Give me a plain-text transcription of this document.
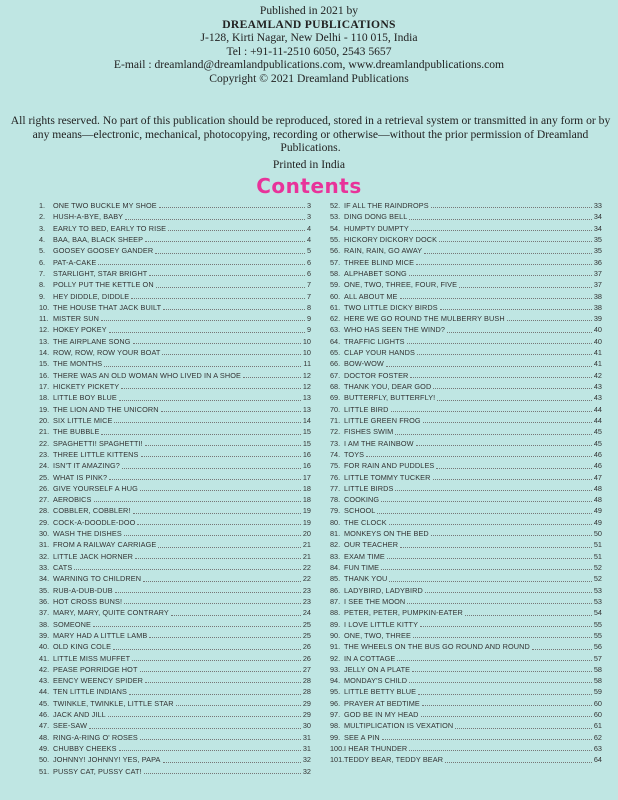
Published in 2021 by
DREAMLAND PUBLICATIONS
J-128, Kirti Nagar, New Delhi - 110 015, India
Tel : +91-11-2510 6050, 2543 5657
E-mail : dreamland@dreamlandpublications.com, www.dreamlandpublications.com
Copyright © 2021 Dreamland Publications
All rights reserved. No part of this publication should be reproduced, stored in a retrieval system or transmitted in any form or by any means—electronic, mechanical, photocopying, recording or otherwise—without the prior permission of Dreamland Publications.
Printed in India
Contents
1.	ONE TWO BUCKLE MY SHOE	3
2.	HUSH-A-BYE, BABY	3
3.	EARLY TO BED, EARLY TO RISE	4
4.	BAA, BAA, BLACK SHEEP	4
5.	GOOSEY GOOSEY GANDER	5
6.	PAT-A-CAKE	6
7.	STARLIGHT, STAR BRIGHT	6
8.	POLLY PUT THE KETTLE ON	7
9.	HEY DIDDLE, DIDDLE	7
10. THE HOUSE THAT JACK BUILT	8
11. MISTER SUN	9
12. HOKEY POKEY	9
13. THE AIRPLANE SONG	10
14. ROW, ROW, ROW YOUR BOAT	10
15. THE MONTHS	11
16. THERE WAS AN OLD WOMAN WHO LIVED IN A SHOE	12
17. HICKETY PICKETY	12
18. LITTLE BOY BLUE	13
19. THE LION AND THE UNICORN	13
20. SIX LITTLE MICE	14
21. THE BUBBLE	15
22. SPAGHETTI! SPAGHETTI!	15
23. THREE LITTLE KITTENS	16
24. ISN'T IT AMAZING?	16
25. WHAT IS PINK?	17
26. GIVE YOURSELF A HUG	18
27. AEROBICS	18
28. COBBLER, COBBLER!	19
29. COCK-A-DOODLE-DOO	19
30. WASH THE DISHES	20
31. FROM A RAILWAY CARRIAGE	21
32. LITTLE JACK HORNER	21
33. CATS	22
34. WARNING TO CHILDREN	22
35. RUB-A-DUB-DUB	23
36. HOT CROSS BUNS!	23
37. MARY, MARY, QUITE CONTRARY	24
38. SOMEONE	25
39. MARY HAD A LITTLE LAMB	25
40. OLD KING COLE	26
41. LITTLE MISS MUFFET	26
42. PEASE PORRIDGE HOT	27
43. EENCY WEENCY SPIDER	28
44. TEN LITTLE INDIANS	28
45. TWINKLE, TWINKLE, LITTLE STAR	29
46. JACK AND JILL	29
47. SEE-SAW	30
48. RING-A-RING O' ROSES	31
49. CHUBBY CHEEKS	31
50. JOHNNY! JOHNNY! YES, PAPA	32
51. PUSSY CAT, PUSSY CAT!	32
52. IF ALL THE RAINDROPS	33
53. DING DONG BELL	34
54. HUMPTY DUMPTY	34
55. HICKORY DICKORY DOCK	35
56. RAIN, RAIN, GO AWAY	35
57. THREE BLIND MICE	36
58. ALPHABET SONG	37
59. ONE, TWO, THREE, FOUR, FIVE	37
60. ALL ABOUT ME	38
61. TWO LITTLE DICKY BIRDS	38
62. HERE WE GO ROUND THE MULBERRY BUSH	39
63. WHO HAS SEEN THE WIND?	40
64. TRAFFIC LIGHTS	40
65. CLAP YOUR HANDS	41
66. BOW-WOW	41
67. DOCTOR FOSTER	42
68. THANK YOU, DEAR GOD	43
69. BUTTERFLY, BUTTERFLY!	43
70. LITTLE BIRD	44
71. LITTLE GREEN FROG	44
72. FISHES SWIM	45
73. I AM THE RAINBOW	45
74. TOYS	46
75. FOR RAIN AND PUDDLES	46
76. LITTLE TOMMY TUCKER	47
77. LITTLE BIRDS	48
78. COOKING	48
79. SCHOOL	49
80. THE CLOCK	49
81. MONKEYS ON THE BED	50
82. OUR TEACHER	51
83. EXAM TIME	51
84. FUN TIME	52
85. THANK YOU	52
86. LADYBIRD, LADYBIRD	53
87. I SEE THE MOON	53
88. PETER, PETER, PUMPKIN-EATER	54
89. I LOVE LITTLE KITTY	55
90. ONE, TWO, THREE	55
91. THE WHEELS ON THE BUS GO ROUND AND ROUND	56
92. IN A COTTAGE	57
93. JELLY ON A PLATE	58
94. MONDAY'S CHILD	58
95. LITTLE BETTY BLUE	59
96. PRAYER AT BEDTIME	60
97. GOD BE IN MY HEAD	60
98. MULTIPLICATION IS VEXATION	61
99. SEE A PIN	62
100. I HEAR THUNDER	63
101. TEDDY BEAR, TEDDY BEAR	64
